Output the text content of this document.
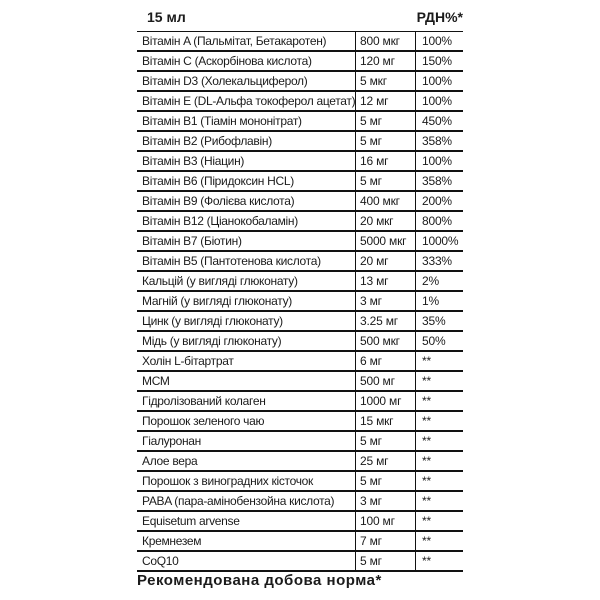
15 мл	РДН%*
Вітамін A (Пальмітат, Бетакаротен)	800 мкг	100%
Вітамін C (Аскорбінова кислота)	120 мг	150%
Вітамін D3 (Холекальциферол)	5 мкг	100%
Вітамін E (DL-Альфа токоферол ацетат) 12 мг	100%
Вітамін B1 (Тіамін мононітрат)	5 мг	450%
Вітамін B2 (Рибофлавін)	5 мг	358%
Вітамін B3 (Ніацин)	16 мг	100%
Вітамін B6 (Піридоксин HCL)	5 мг	358%
Вітамін B9 (Фолієва кислота)	400 мкг	200%
Вітамін B12 (Ціанокобаламін)	20 мкг	800%
Вітамін B7 (Біотин)	5000 мкг	1000%
Вітамін B5 (Пантотенова кислота)	20 мг	333%
Кальцій (у вигляді глюконату)	13 мг	2%
Магній (у вигляді глюконату)	3 мг	1%
Цинк (у вигляді глюконату)	3.25 мг	35%
Мідь (у вигляді глюконату)	500 мкг	50%
Холін L-бітартрат	6 мг	**
МСМ	500 мг	**
Гідролізований колаген	1000 мг	**
Порошок зеленого чаю	15 мкг	**
Гіалуронан	5 мг	**
Алое вера	25 мг	**
Порошок з виноградних кісточок	5 мг	**
PABA (пара-амінобензойна кислота)	3 мг	**
Equisetum arvense	100 мг	**
Кремнезем	7 мг	**
CoQ10	5 мг	**
Рекомендована добова норма*
